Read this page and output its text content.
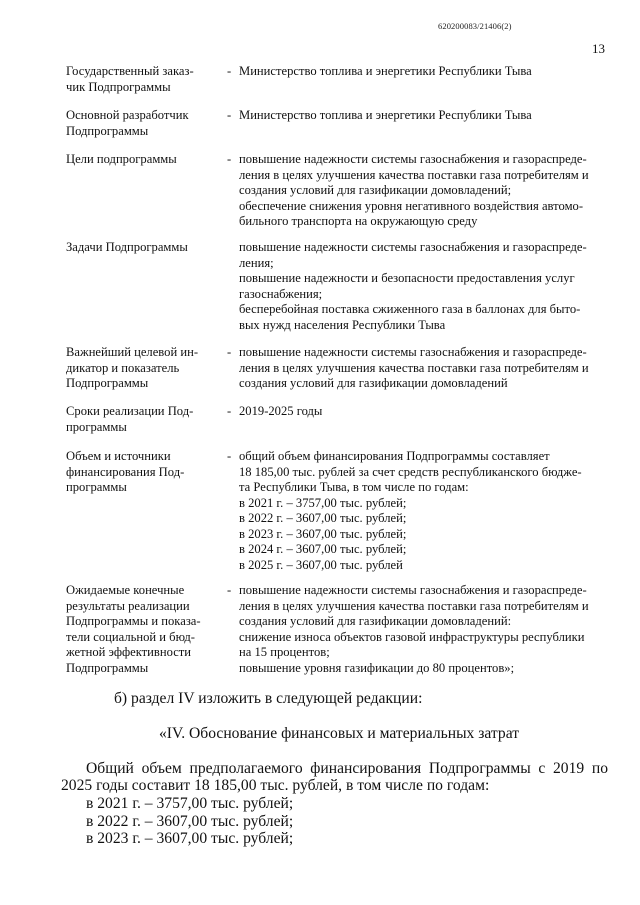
620200083/21406(2)
13
Государственный заказ-
чик Подпрограммы
- Министерство топлива и энергетики Республики Тыва
Основной разработчик
Подпрограммы
- Министерство топлива и энергетики Республики Тыва
Цели подпрограммы	- повышение надежности системы газоснабжения и газораспреде-
ления в целях улучшения качества поставки газа потребителям и
создания условий для газификации домовладений;
обеспечение снижения уровня негативного воздействия автомо-
бильного транспорта на окружающую среду
Задачи Подпрограммы	повышение надежности системы газоснабжения и газораспреде-
ления;
повышение надежности и безопасности предоставления услуг
газоснабжения;
бесперебойная поставка сжиженного газа в баллонах для быто-
вых нужд населения Республики Тыва
Важнейший целевой ин-
дикатор и показатель
Подпрограммы
- повышение надежности системы газоснабжения и газораспреде-
ления в целях улучшения качества поставки газа потребителям и
создания условий для газификации домовладений
Сроки реализации Под-
программы
- 2019-2025 годы
Объем и источники
финансирования Под-
программы
- общий объем финансирования Подпрограммы составляет
18 185,00 тыс. рублей за счет средств республиканского бюдже-
та Республики Тыва, в том числе по годам:
в 2021 г. – 3757,00 тыс. рублей;
в 2022 г. – 3607,00 тыс. рублей;
в 2023 г. – 3607,00 тыс. рублей;
в 2024 г. – 3607,00 тыс. рублей;
в 2025 г. – 3607,00 тыс. рублей
Ожидаемые конечные
результаты реализации
Подпрограммы и показа-
тели социальной и бюд-
жетной эффективности
Подпрограммы
- повышение надежности системы газоснабжения и газораспреде-
ления в целях улучшения качества поставки газа потребителям и
создания условий для газификации домовладений:
снижение износа объектов газовой инфраструктуры республики
на 15 процентов;
повышение уровня газификации до 80 процентов»;
б) раздел IV изложить в следующей редакции:
«IV. Обоснование финансовых и материальных затрат
Общий объем предполагаемого финансирования Подпрограммы с 2019 по
2025 годы составит 18 185,00 тыс. рублей, в том числе по годам:
в 2021 г. – 3757,00 тыс. рублей;
в 2022 г. – 3607,00 тыс. рублей;
в 2023 г. – 3607,00 тыс. рублей;
